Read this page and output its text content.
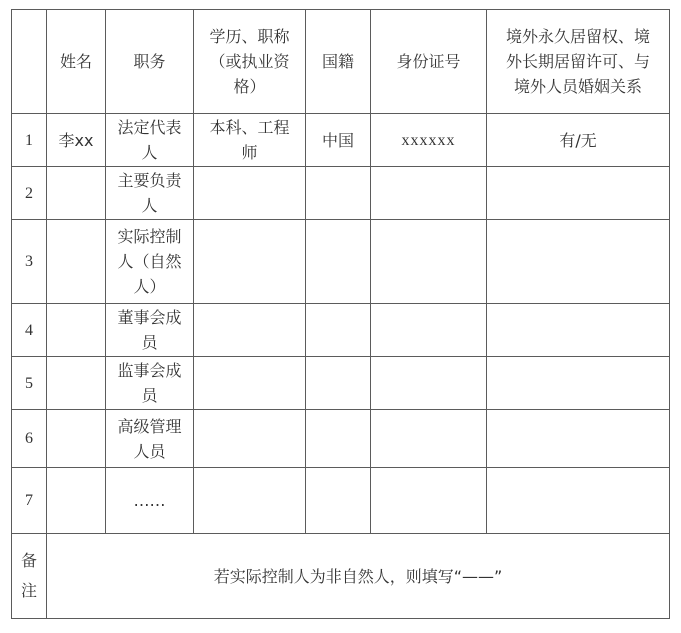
	姓名	职务	学历、职称（或执业资格）	国籍	身份证号	境外永久居留权、境外长期居留许可、与境外人员婚姻关系

1	李xx	法定代表人	本科、工程师	中国	xxxxxx	有/无

2		主要负责人				

3		实际控制人（自然人）				

4		董事会成员				

5		监事会成员				

6		高级管理人员				

7		……				

备注	若实际控制人为非自然人，则填写“——”					
